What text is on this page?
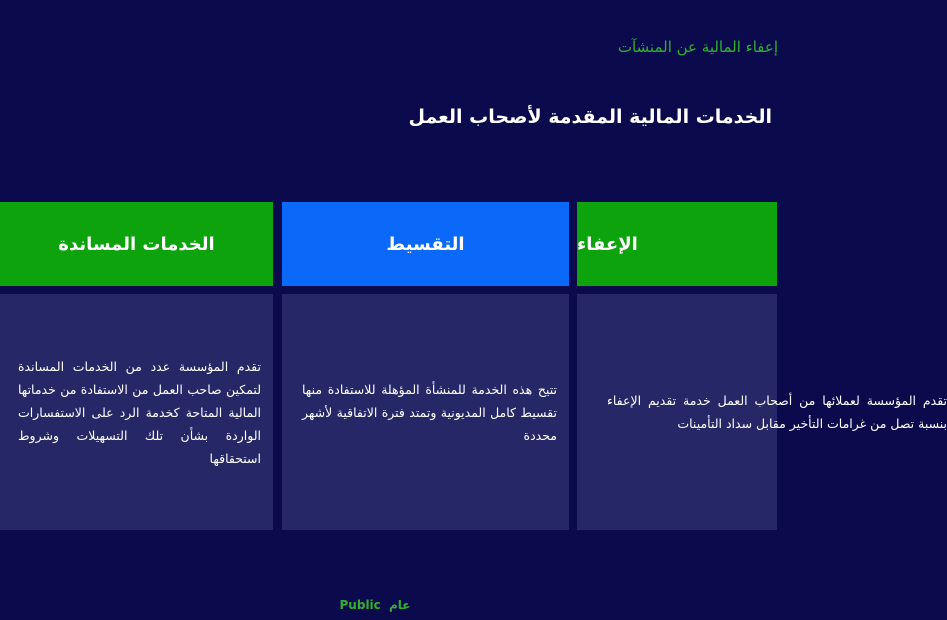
إعفاء المالية عن المنشآت
الخدمات المالية المقدمة لأصحاب العمل
الخدمات المساندة	التقسيط	الإعفاء
تقدم المؤسسة عدد من الخدمات المساندة لتمكين صاحب العمل من الاستفادة من خدماتها المالية المتاحة كخدمة الرد على الاستفسارات الواردة بشأن تلك التسهيلات وشروط استحقاقها
تتيح هذه الخدمة للمنشأة المؤهلة للاستفادة منها تقسيط كامل المديونية وتمتد فترة الاتفاقية لأشهر محددة
تقدم المؤسسة لعملائها من أصحاب العمل خدمة تقديم الإعفاء بنسبة تصل من غرامات التأخير مقابل سداد التأمينات
عام Public
